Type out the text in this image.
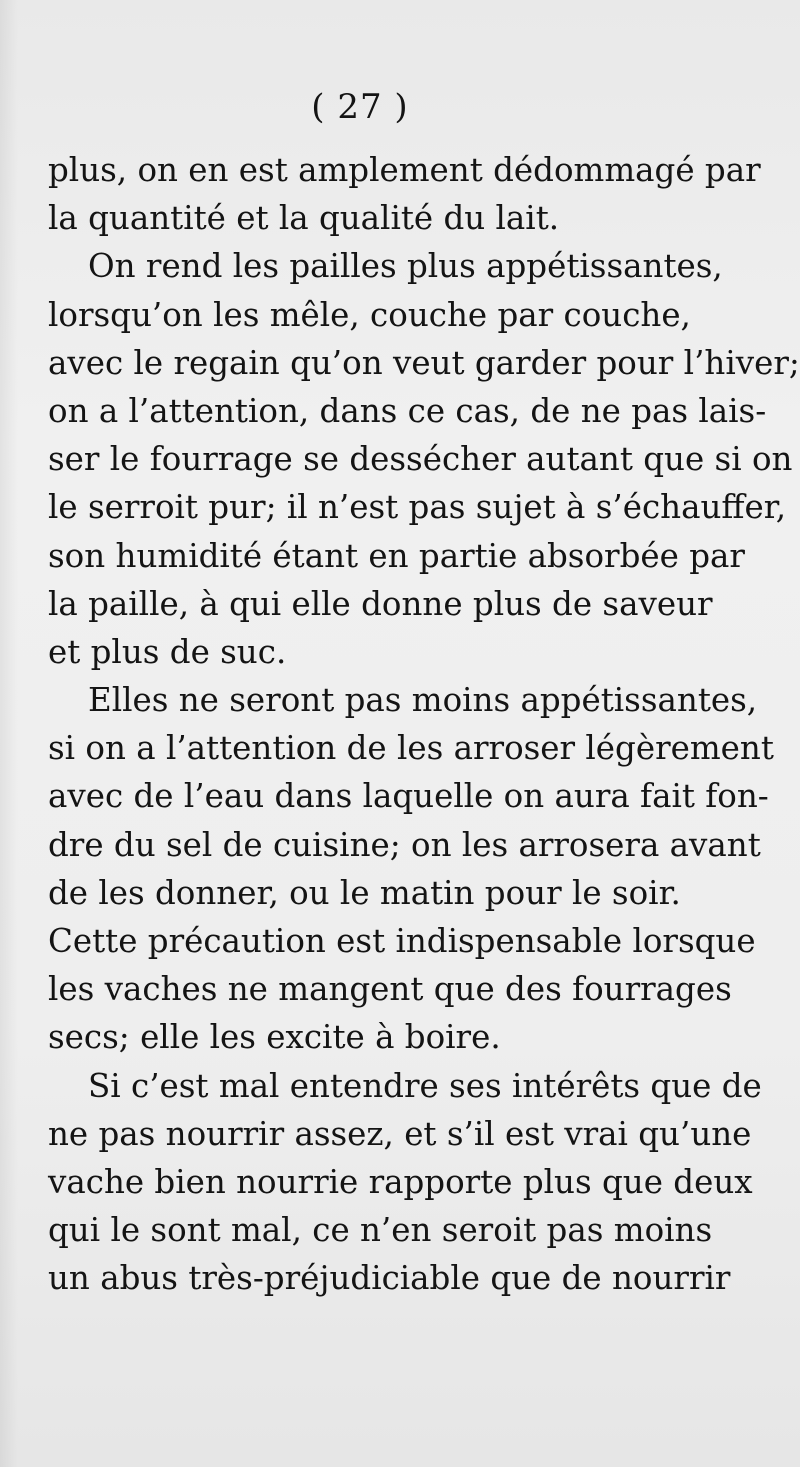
( 27 )
plus, on en est amplement dédommagé par
la quantité et la qualité du lait.
On rend les pailles plus appétissantes,
lorsqu’on les mêle, couche par couche,
avec le regain qu’on veut garder pour l’hiver;
on a l’attention, dans ce cas, de ne pas lais-
ser le fourrage se dessécher autant que si on
le serroit pur; il n’est pas sujet à s’échauffer,
son humidité étant en partie absorbée par
la paille, à qui elle donne plus de saveur
et plus de suc.
Elles ne seront pas moins appétissantes,
si on a l’attention de les arroser légèrement
avec de l’eau dans laquelle on aura fait fon-
dre du sel de cuisine; on les arrosera avant
de les donner, ou le matin pour le soir.
Cette précaution est indispensable lorsque
les vaches ne mangent que des fourrages
secs; elle les excite à boire.
Si c’est mal entendre ses intérêts que de
ne pas nourrir assez, et s’il est vrai qu’une
vache bien nourrie rapporte plus que deux
qui le sont mal, ce n’en seroit pas moins
un abus très-préjudiciable que de nourrir
